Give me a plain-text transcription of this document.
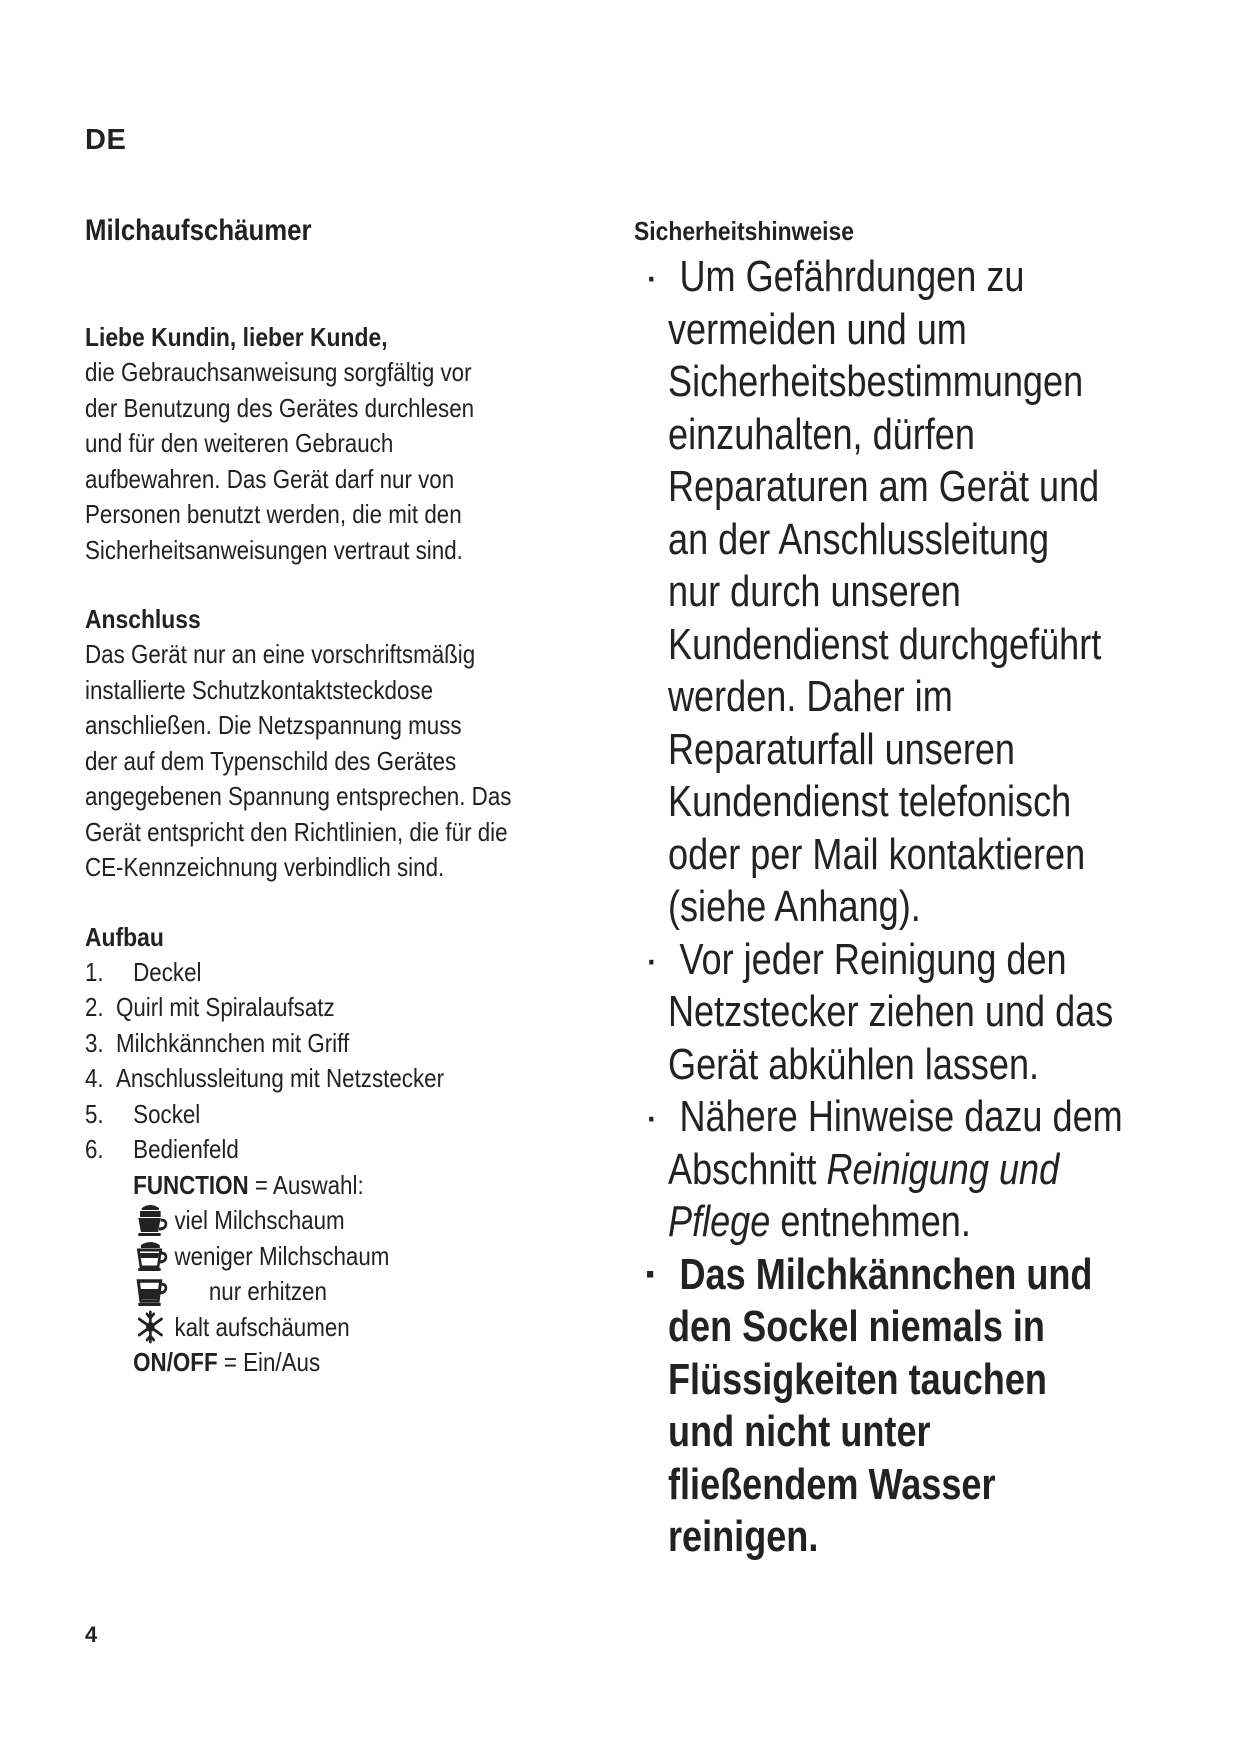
DE
Milchaufschäumer
Liebe Kundin, lieber Kunde,
die Gebrauchsanweisung sorgfältig vor
der Benutzung des Gerätes durchlesen
und für den weiteren Gebrauch
aufbewahren. Das Gerät darf nur von
Personen benutzt werden, die mit den
Sicherheitsanweisungen vertraut sind.
Anschluss
Das Gerät nur an eine vorschriftsmäßig
installierte Schutzkontaktsteckdose
anschließen. Die Netzspannung muss
der auf dem Typenschild des Gerätes
angegebenen Spannung entsprechen. Das
Gerät entspricht den Richtlinien, die für die
CE-Kennzeichnung verbindlich sind.
Aufbau
1. Deckel
2. Quirl mit Spiralaufsatz
3. Milchkännchen mit Griff
4. Anschlussleitung mit Netzstecker
5. Sockel
6. Bedienfeld
FUNCTION = Auswahl:
viel Milchschaum
weniger Milchschaum
nur erhitzen
kalt aufschäumen
ON/OFF = Ein/Aus
Sicherheitshinweise
· Um Gefährdungen zu
vermeiden und um
Sicherheitsbestimmungen
einzuhalten, dürfen
Reparaturen am Gerät und
an der Anschlussleitung
nur durch unseren
Kundendienst durchgeführt
werden. Daher im
Reparaturfall unseren
Kundendienst telefonisch
oder per Mail kontaktieren
(siehe Anhang).
· Vor jeder Reinigung den
Netzstecker ziehen und das
Gerät abkühlen lassen.
· Nähere Hinweise dazu dem
Abschnitt Reinigung und
Pflege entnehmen.
· Das Milchkännchen und
den Sockel niemals in
Flüssigkeiten tauchen
und nicht unter
fließendem Wasser
reinigen.
4
